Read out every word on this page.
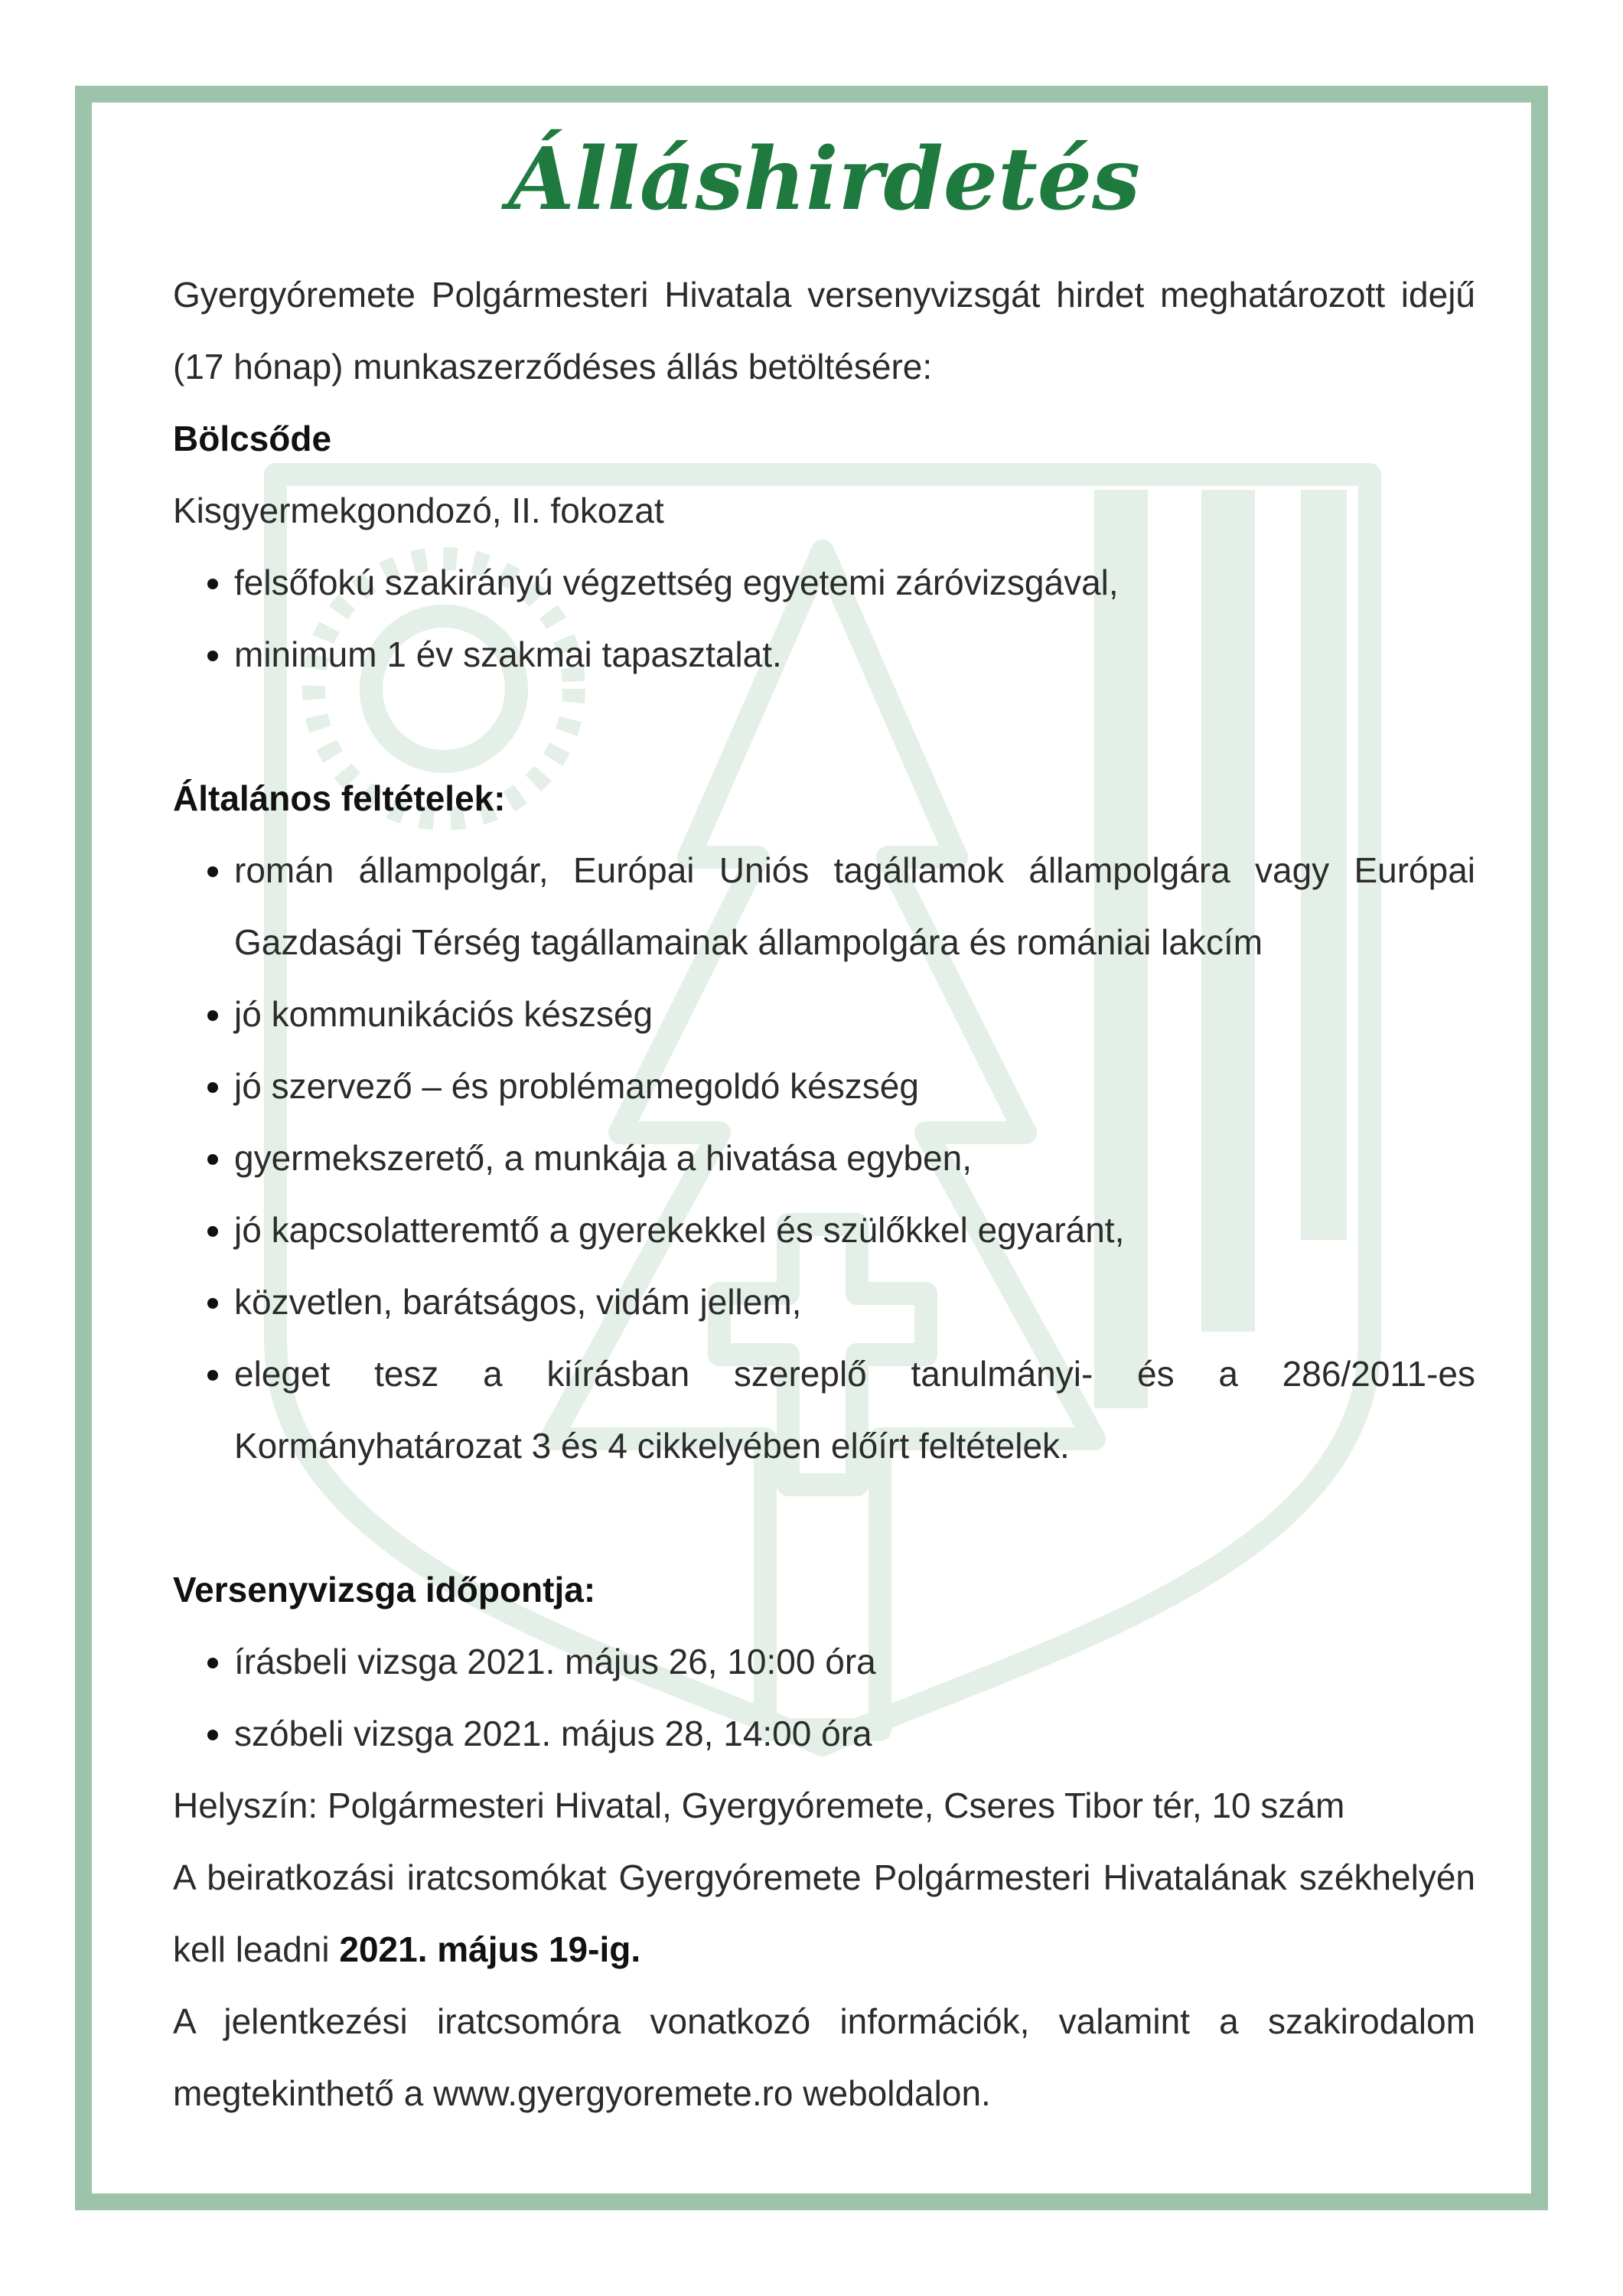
Álláshirdetés

Gyergyóremete Polgármesteri Hivatala versenyvizsgát hirdet meghatározott idejű (17 hónap) munkaszerződéses állás betöltésére:

Bölcsőde

Kisgyermekgondozó, II. fokozat

• felsőfokú szakirányú végzettség egyetemi záróvizsgával,
• minimum 1 év szakmai tapasztalat.

Általános feltételek:

• román állampolgár, Európai Uniós tagállamok állampolgára vagy Európai Gazdasági Térség tagállamainak állampolgára és romániai lakcím
• jó kommunikációs készség
• jó szervező – és problémamegoldó készség
• gyermekszerető, a munkája a hivatása egyben,
• jó kapcsolatteremtő a gyerekekkel és szülőkkel egyaránt,
• közvetlen, barátságos, vidám jellem,
• eleget tesz a kiírásban szereplő tanulmányi- és a 286/2011-es Kormányhatározat 3 és 4 cikkelyében előírt feltételek.

Versenyvizsga időpontja:

• írásbeli vizsga 2021. május 26, 10:00 óra
• szóbeli vizsga 2021. május 28, 14:00 óra

Helyszín: Polgármesteri Hivatal, Gyergyóremete, Cseres Tibor tér, 10 szám

A beiratkozási iratcsomókat Gyergyóremete Polgármesteri Hivatalának székhelyén kell leadni 2021. május 19-ig.

A jelentkezési iratcsomóra vonatkozó információk, valamint a szakirodalom megtekinthető a www.gyergyoremete.ro weboldalon.
